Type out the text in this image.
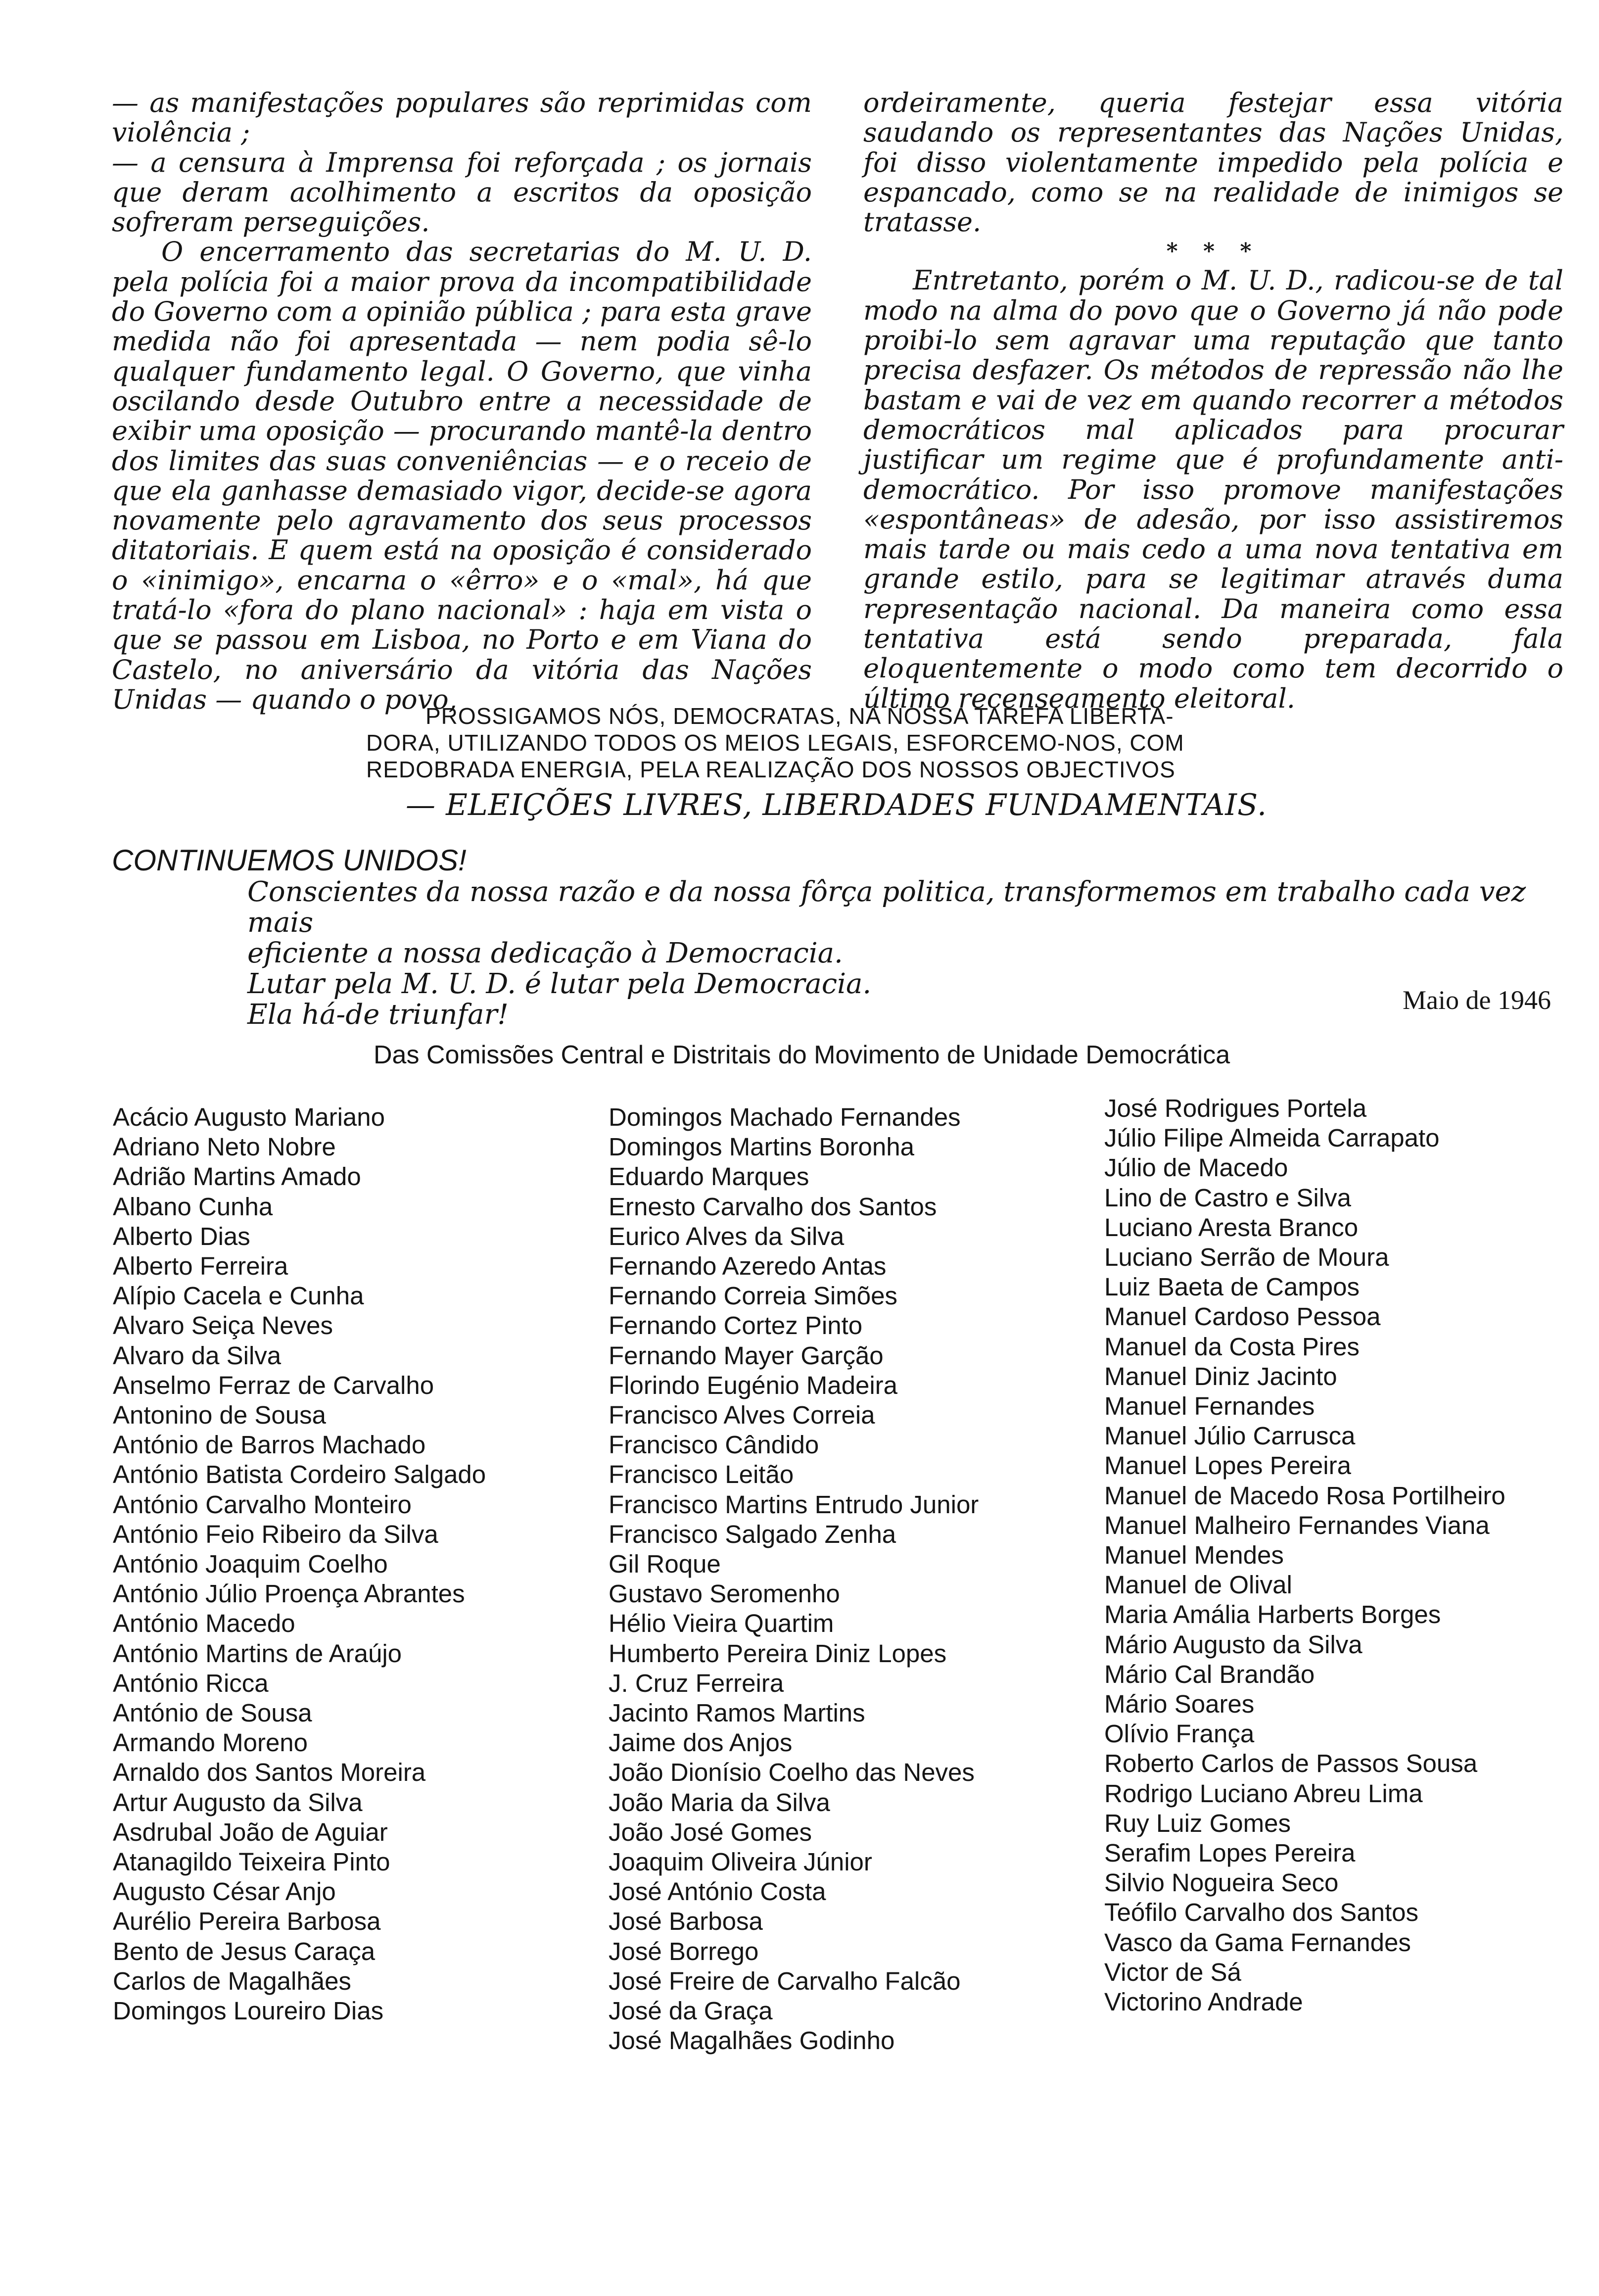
— as manifestações populares são reprimidas com violência ;

— a censura à Imprensa foi reforçada ; os jornais que deram acolhimento a escritos da oposição sofreram perseguições.

O encerramento das secretarias do M. U. D. pela polícia foi a maior prova da incompatibilidade do Governo com a opinião pública ; para esta grave medida não foi apresentada — nem podia sê-lo qualquer fundamento legal. O Governo, que vinha oscilando desde Outubro entre a necessidade de exibir uma oposição — procurando mantê-la dentro dos limites das suas conveniências — e o receio de que ela ganhasse demasiado vigor, decide-se agora novamente pelo agravamento dos seus processos ditatoriais. E quem está na oposição é considerado o «inimigo», encarna o «êrro» e o «mal», há que tratá-lo «fora do plano nacional» : haja em vista o que se passou em Lisboa, no Porto e em Viana do Castelo, no aniversário da vitória das Nações Unidas — quando o povo,

ordeiramente, queria festejar essa vitória saudando os representantes das Nações Unidas, foi disso violentamente impedido pela polícia e espancado, como se na realidade de inimigos se tratasse.

* * *

Entretanto, porém o M. U. D., radicou-se de tal modo na alma do povo que o Governo já não pode proibi-lo sem agravar uma reputação que tanto precisa desfazer. Os métodos de repressão não lhe bastam e vai de vez em quando recorrer a métodos democráticos mal aplicados para procurar justificar um regime que é profundamente anti-democrático. Por isso promove manifestações «espontâneas» de adesão, por isso assistiremos mais tarde ou mais cedo a uma nova tentativa em grande estilo, para se legitimar através duma representação nacional. Da maneira como essa tentativa está sendo preparada, fala eloquentemente o modo como tem decorrido o último recenseamento eleitoral.

PROSSIGAMOS NÓS, DEMOCRATAS, NA NOSSA TAREFA LIBERTA-

DORA, UTILIZANDO TODOS OS MEIOS LEGAIS, ESFORCEMO-NOS, COM

REDOBRADA ENERGIA, PELA REALIZAÇÃO DOS NOSSOS OBJECTIVOS

— ELEIÇÕES LIVRES, LIBERDADES FUNDAMENTAIS.
CONTINUEMOS UNIDOS!

Conscientes da nossa razão e da nossa fôrça politica, transformemos em trabalho cada vez mais

eficiente a nossa dedicação à Democracia.

Lutar pela M. U. D. é lutar pela Democracia.

Ela há-de triunfar!	Maio de 1946
Das Comissões Central e Distritais do Movimento de Unidade Democrática
Acácio Augusto Mariano
Adriano Neto Nobre
Adrião Martins Amado
Albano Cunha
Alberto Dias
Alberto Ferreira
Alípio Cacela e Cunha
Alvaro Seiça Neves
Alvaro da Silva
Anselmo Ferraz de Carvalho
Antonino de Sousa
António de Barros Machado
António Batista Cordeiro Salgado
António Carvalho Monteiro
António Feio Ribeiro da Silva
António Joaquim Coelho
António Júlio Proença Abrantes
António Macedo
António Martins de Araújo
António Ricca
António de Sousa
Armando Moreno
Arnaldo dos Santos Moreira
Artur Augusto da Silva
Asdrubal João de Aguiar
Atanagildo Teixeira Pinto
Augusto César Anjo
Aurélio Pereira Barbosa
Bento de Jesus Caraça
Carlos de Magalhães
Domingos Loureiro Dias
Domingos Machado Fernandes
Domingos Martins Boronha
Eduardo Marques
Ernesto Carvalho dos Santos
Eurico Alves da Silva
Fernando Azeredo Antas
Fernando Correia Simões
Fernando Cortez Pinto
Fernando Mayer Garção
Florindo Eugénio Madeira
Francisco Alves Correia
Francisco Cândido
Francisco Leitão
Francisco Martins Entrudo Junior
Francisco Salgado Zenha
Gil Roque
Gustavo Seromenho
Hélio Vieira Quartim
Humberto Pereira Diniz Lopes
J. Cruz Ferreira
Jacinto Ramos Martins
Jaime dos Anjos
João Dionísio Coelho das Neves
João Maria da Silva
João José Gomes
Joaquim Oliveira Júnior
José António Costa
José Barbosa
José Borrego
José Freire de Carvalho Falcão
José da Graça
José Magalhães Godinho
José Rodrigues Portela
Júlio Filipe Almeida Carrapato
Júlio de Macedo
Lino de Castro e Silva
Luciano Aresta Branco
Luciano Serrão de Moura
Luiz Baeta de Campos
Manuel Cardoso Pessoa
Manuel da Costa Pires
Manuel Diniz Jacinto
Manuel Fernandes
Manuel Júlio Carrusca
Manuel Lopes Pereira
Manuel de Macedo Rosa Portilheiro
Manuel Malheiro Fernandes Viana
Manuel Mendes
Manuel de Olival
Maria Amália Harberts Borges
Mário Augusto da Silva
Mário Cal Brandão
Mário Soares
Olívio França
Roberto Carlos de Passos Sousa
Rodrigo Luciano Abreu Lima
Ruy Luiz Gomes
Serafim Lopes Pereira
Silvio Nogueira Seco
Teófilo Carvalho dos Santos
Vasco da Gama Fernandes
Victor de Sá
Victorino Andrade
